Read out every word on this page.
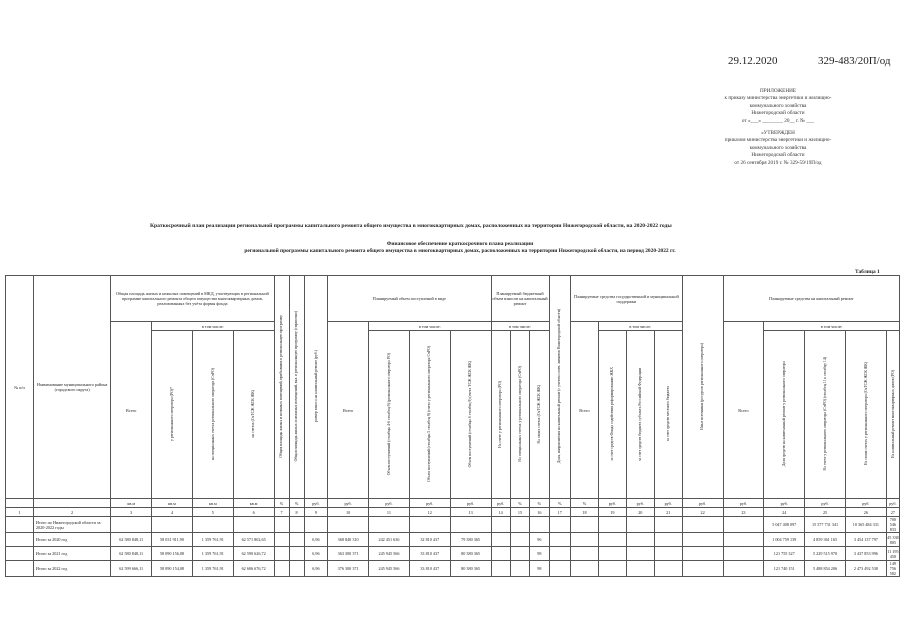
29.12.2020	329-483/20П/од
ПРИЛОЖЕНИЕ
к приказу министерства энергетики и жилищно-
коммунального хозяйства
Нижегородской области
от «___» ________ 20__ г. № ___
«УТВЕРЖДЕН
приказом министерства энергетики и жилищно-
коммунального хозяйства
Нижегородской области
от 26 сентября 2019 г. № 329-59/19П/од
Краткосрочный план реализации региональной программы капитального ремонта общего имущества в многоквартирных домах, расположенных на территории Нижегородской области, на 2020-2022 годы
Финансовое обеспечение краткосрочного плана реализации
региональной программы капитального ремонта общего имущества в многоквартирных домах, расположенных на территории Нижегородской области, на период 2020-2022 гг.
Таблица 1
№ п/п	Наименование муниципального района (городского округа)	Общая площадь жилых и нежилых помещений в МКД, участвующих в региональной программе капитального ремонта общего имущества многоквартирных домов, реализованных без учёта формы фонда				Общая площадь жилых и нежилых помещений, прибывших в региональную программу	Общая площадь жилых и нежилых помещений, вкл. в региональную программу (справочно)	размер взноса на капитальный ремонт (руб.)	Планируемый объем поступлений в виде				Планируемый бюджетный объем взносов на капитальный ремонт			Доля, направляемая на капитальный ремонт (с учетом соотв. лимитов Нижегородской области)	Планируемые средства государственной и муниципальной поддержки				Иные источники (ресурсов регионального оператора)	Планируемые средства на капитальный ремонт				
		Всего	в том числе:						Всего	в том числе:			в том числе:				Всего	в том числе:				Всего	в том числе:			
			у регионального оператора (РО)*	на специальных счетах регионального оператора (СчРО)	на счетах (СчТСЖ ЖСК ЖК)					Объем поступлений (столбцы 4-6 столбец 9) (регионального оператора РО)	Объем поступлений (столбцы 5 столбец 9) (счета у регионального оператора СчРО)	Объем поступлений (столбцы 6 столбец 9) (счета ТСЖ ЖСК ЖК)	На счете у регионального оператора (РО)	На специальных счетах у регионального оператора (СчРО)	На своих счетах (СчТСЖ ЖСК ЖК)			за счет средств Фонда содействия реформированию ЖКХ	за счет средств бюджета субъекта Российской Федерации	за счет средств местного бюджета			Доля средств на капитальный ремонт у регионального оператора	На счете у регионального оператора (СчРО) (столбец 11 к столбцу 14)	На своих счетах у регионального оператора (СчТСЖ ЖСК ЖК)	На капитальный ремонт многоквартирных домов (РО)
		кв.м	кв.м	кв.м	кв.м	%	%	руб.	руб.	руб.	руб.	руб.	руб.	%	%	%	%	руб.	руб.	руб.	руб.	руб.	руб.	руб.	руб.	руб.
1	2	3	4	5	6	7	8	9	10	11	12	13	14	15	16	17	18	19	20	21	22	23	24	25	26	27
	Итого по Нижегородской области за 2020-2022 годы																						5 047 408 097	15 577 731 341	10 365 484 331	700 546 833
	Итого за 2020 год	62 580 848,11	58 031 911,90	1 359 761,91	62 571 802,65			6,96	368 840 310	242 451 636	32 810 437	79 380 365			96								1 004 759 139	4 859 361 165	3 454 137 797	45 338 805
	Итого за 2021 год	62 580 848,11	58 090 156,08	1 359 761,91	62 590 626,72			6,96	363 300 371	245 945 566	33 810 437	80 380 365			98								121 755 327	5 229 515 970	3 437 853 996	11 195 450
	Итого за 2022 год	62 599 666,11	58 090 154,08	1 359 761,91	62 606 676,72			6,96	376 300 371	245 945 566	33 810 437	80 380 365			98								121 740 151	5 488 854 206	2 473 492 538	149 756 582
